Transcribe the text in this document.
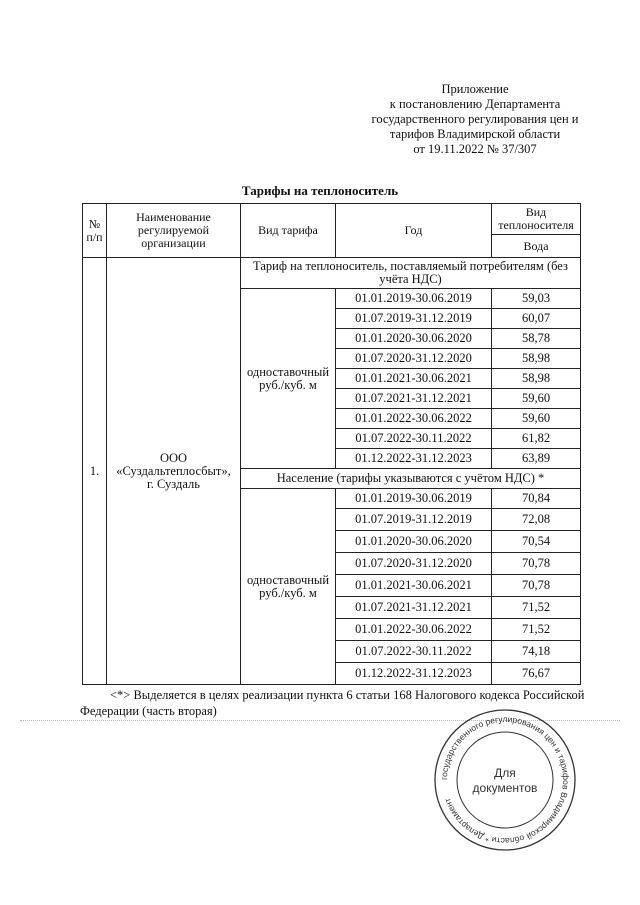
Приложение
к постановлению Департамента
государственного регулирования цен и
тарифов Владимирской области
от 19.11.2022 № 37/307
Тарифы на теплоноситель
№ п/п	Наименование регулируемой организации	Вид тарифа	Год	Вид теплоносителя
				Вода
1.	ООО
«Суздальтеплосбыт»,
г. Суздаль	Тариф на теплоноситель, поставляемый потребителям (без учёта НДС)		

		одноставочный
руб./куб. м	01.01.2019-30.06.2019	59,03
			01.07.2019-31.12.2019	60,07
			01.01.2020-30.06.2020	58,78
			01.07.2020-31.12.2020	58,98
			01.01.2021-30.06.2021	58,98
			01.07.2021-31.12.2021	59,60
			01.01.2022-30.06.2022	59,60
			01.07.2022-30.11.2022	61,82
			01.12.2022-31.12.2023	63,89
		Население (тарифы указываются с учётом НДС) *		

		одноставочный
руб./куб. м	01.01.2019-30.06.2019	70,84
			01.07.2019-31.12.2019	72,08
			01.01.2020-30.06.2020	70,54
			01.07.2020-31.12.2020	70,78
			01.01.2021-30.06.2021	70,78
			01.07.2021-31.12.2021	71,52
			01.01.2022-30.06.2022	71,52
			01.07.2022-30.11.2022	74,18
			01.12.2022-31.12.2023	76,67
<*> Выделяется в целях реализации пункта 6 статьи 168 Налогового кодекса Российской
Федерации (часть вторая)
государственного регулирования цен и тарифов Владимирской области * Департамент
Для
документов
